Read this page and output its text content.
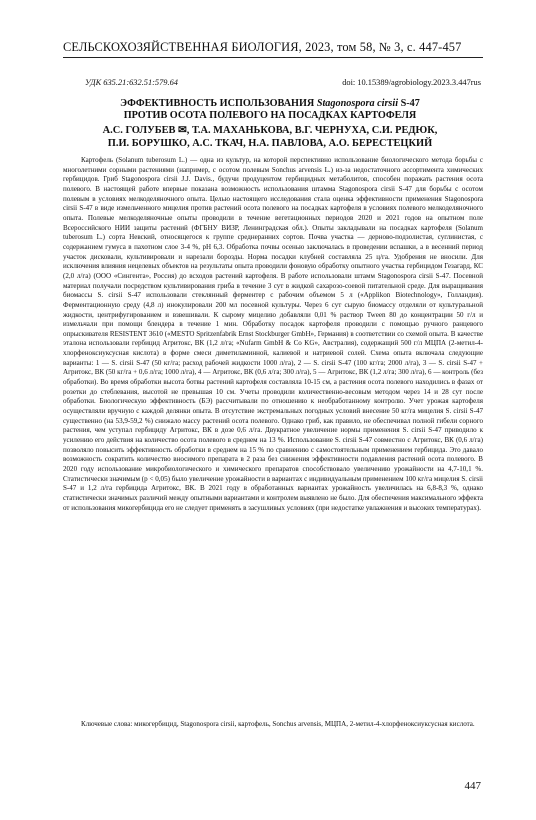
СЕЛЬСКОХОЗЯЙСТВЕННАЯ БИОЛОГИЯ, 2023, том 58, № 3, с. 447-457
УДК 635.21:632.51:579.64	doi: 10.15389/agrobiology.2023.3.447rus
ЭФФЕКТИВНОСТЬ ИСПОЛЬЗОВАНИЯ Stagonospora cirsii S-47
ПРОТИВ ОСОТА ПОЛЕВОГО НА ПОСАДКАХ КАРТОФЕЛЯ
А.С. ГОЛУБЕВ ✉, Т.А. МАХАНЬКОВА, В.Г. ЧЕРНУХА, С.И. РЕДЮК,
П.И. БОРУШКО, А.С. ТКАЧ, Н.А. ПАВЛОВА, А.О. БЕРЕСТЕЦКИЙ

Картофель (Solanum tuberosum L.) — одна из культур, на которой перспективно использование биологического метода борьбы с многолетними сорными растениями (например, с осотом полевым Sonchus arvensis L.) из-за недостаточного ассортимента химических гербицидов. Гриб Stagonospora cirsii J.J. Davis., будучи продуцентом гербицидных метаболитов, способен поражать растения осота полевого. В настоящей работе впервые показана возможность использования штамма Stagonospora cirsii S-47 для борьбы с осотом полевым в условиях мелкоделяночного опыта. Целью настоящего исследования стала оценка эффективности применения Stagonospora cirsii S-47 в виде измельченного мицелия против растений осота полевого на посадках картофеля в условиях полевого мелкоделяночного опыта. Полевые мелкоделяночные опыты проводили в течение вегетационных периодов 2020 и 2021 годов на опытном поле Всероссийского НИИ защиты растений (ФГБНУ ВИЗР, Ленинградская обл.). Опыты закладывали на посадках картофеля (Solanum tuberosum L.) сорта Невский, относящегося к группе среднеранних сортов. Почва участка — дерново-подзолистая, суглинистая, с содержанием гумуса в пахотном слое 3-4 %, рН 6,3. Обработка почвы осенью заключалась в проведении вспашки, а в весенний период участок дисковали, культивировали и нарезали борозды. Норма посадки клубней составляла 25 ц/га. Удобрения не вносили. Для исключения влияния нецелевых объектов на результаты опыта проводили фоновую обработку опытного участка гербицидом Гезагард, КС (2,0 л/га) (ООО «Сингента», Россия) до всходов растений картофеля. В работе использовали штамм Stagonospora cirsii S-47. Посевной материал получали посредством культивирования гриба в течение 3 сут в жидкой сахарозо-соевой питательной среде. Для выращивания биомассы S. cirsii S-47 использовали стеклянный ферментер с рабочим объемом 5 л («Applikon Biotechnology», Голландия). Ферментационную среду (4,8 л) инокулировали 200 мл посевной культуры. Через 6 сут сырую биомассу отделяли от культуральной жидкости, центрифугированием и взвешивали. К сырому мицелию добавляли 0,01 % раствор Tween 80 до концентрации 50 г/л и измельчали при помощи блендера в течение 1 мин. Обработку посадок картофеля проводили с помощью ручного ранцевого опрыскивателя RESISTENT 3610 («MESTO Spritzenfabrik Ernst Stockburger GmbH», Германия) в соответствии со схемой опыта. В качестве эталона использовали гербицид Агритокс, ВК (1,2 л/га; «Nufarm GmbH & Co KG», Австралия), содержащий 500 г/л МЦПА (2-метил-4-хлорфеноксиуксусная кислота) в форме смеси диметиламинной, калиевой и натриевой солей. Схема опыта включала следующие варианты: 1 — S. cirsii S-47 (50 кг/га; расход рабочей жидкости 1000 л/га), 2 — S. cirsii S-47 (100 кг/га; 2000 л/га), 3 — S. cirsii S-47 + Агритокс, ВК (50 кг/га + 0,6 л/га; 1000 л/га), 4 — Агритокс, ВК (0,6 л/га; 300 л/га), 5 — Агритокс, ВК (1,2 л/га; 300 л/га), 6 — контроль (без обработки). Во время обработки высота ботвы растений картофеля составляла 10-15 см, а растения осота полевого находились в фазах от розетки до стеблевания, высотой не превышая 10 см. Учеты проводили количественно-весовым методом через 14 и 28 сут после обработки. Биологическую эффективность (БЭ) рассчитывали по отношению к необработанному контролю. Учет урожая картофеля осуществляли вручную с каждой делянки опыта. В отсутствие экстремальных погодных условий внесение 50 кг/га мицелия S. cirsii S-47 существенно (на 53,9-59,2 %) снижало массу растений осота полевого. Однако гриб, как правило, не обеспечивал полной гибели сорного растения, чем уступал гербициду Агритокс, ВК в дозе 0,6 л/га. Двукратное увеличение нормы применения S. cirsii S-47 приводило к усилению его действия на количество осота полевого в среднем на 13 %. Использование S. cirsii S-47 совместно с Агритокс, ВК (0,6 л/га) позволяло повысить эффективность обработки в среднем на 15 % по сравнению с самостоятельным применением гербицида. Это давало возможность сократить количество вносимого препарата в 2 раза без снижения эффективности подавления растений осота полевого. В 2020 году использование микробиологического и химического препаратов способствовало увеличению урожайности на 4,7-10,1 %. Статистически значимым (р < 0,05) было увеличение урожайности в вариантах с индивидуальным применением 100 кг/га мицелия S. cirsii S-47 и 1,2 л/га гербицида Агритокс, ВК. В 2021 году в обработанных вариантах урожайность увеличилась на 6,8-8,3 %, однако статистически значимых различий между опытными вариантами и контролем выявлено не было. Для обеспечения максимального эффекта от использования микогербицида его не следует применять в засушливых условиях (при недостатке увлажнения и высоких температурах).

Ключевые слова: микогербицид, Stagonospora cirsii, картофель, Sonchus arvensis, МЦПА, 2-метил-4-хлорфеноксиуксусная кислота.

447
